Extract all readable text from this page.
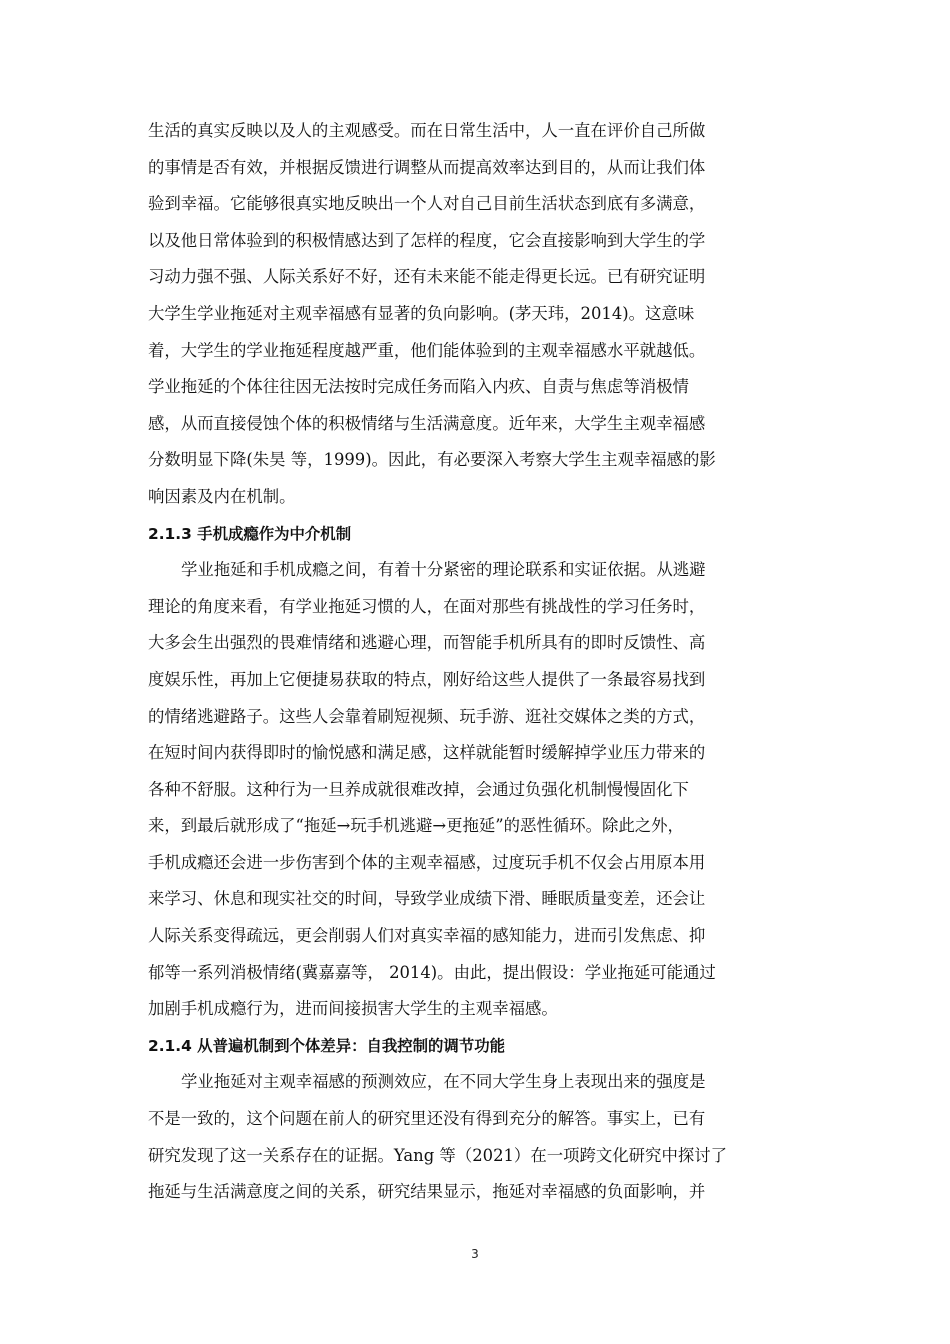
生活的真实反映以及人的主观感受。而在日常生活中，人一直在评价自己所做
的事情是否有效，并根据反馈进行调整从而提高效率达到目的，从而让我们体
验到幸福。它能够很真实地反映出一个人对自己目前生活状态到底有多满意，
以及他日常体验到的积极情感达到了怎样的程度，它会直接影响到大学生的学
习动力强不强、人际关系好不好，还有未来能不能走得更长远。已有研究证明
大学生学业拖延对主观幸福感有显著的负向影响。(茅天玮，2014)。这意味
着，大学生的学业拖延程度越严重，他们能体验到的主观幸福感水平就越低。
学业拖延的个体往往因无法按时完成任务而陷入内疚、自责与焦虑等消极情
感，从而直接侵蚀个体的积极情绪与生活满意度。近年来，大学生主观幸福感
分数明显下降(朱昊 等，1999)。因此，有必要深入考察大学生主观幸福感的影
响因素及内在机制。
2.1.3 手机成瘾作为中介机制
学业拖延和手机成瘾之间，有着十分紧密的理论联系和实证依据。从逃避
理论的角度来看，有学业拖延习惯的人，在面对那些有挑战性的学习任务时，
大多会生出强烈的畏难情绪和逃避心理，而智能手机所具有的即时反馈性、高
度娱乐性，再加上它便捷易获取的特点，刚好给这些人提供了一条最容易找到
的情绪逃避路子。这些人会靠着刷短视频、玩手游、逛社交媒体之类的方式，
在短时间内获得即时的愉悦感和满足感，这样就能暂时缓解掉学业压力带来的
各种不舒服。这种行为一旦养成就很难改掉，会通过负强化机制慢慢固化下
来，到最后就形成了“拖延→玩手机逃避→更拖延”的恶性循环。除此之外，
手机成瘾还会进一步伤害到个体的主观幸福感，过度玩手机不仅会占用原本用
来学习、休息和现实社交的时间，导致学业成绩下滑、睡眠质量变差，还会让
人际关系变得疏远，更会削弱人们对真实幸福的感知能力，进而引发焦虑、抑
郁等一系列消极情绪(冀嘉嘉等， 2014)。由此，提出假设：学业拖延可能通过
加剧手机成瘾行为，进而间接损害大学生的主观幸福感。
2.1.4 从普遍机制到个体差异：自我控制的调节功能
学业拖延对主观幸福感的预测效应，在不同大学生身上表现出来的强度是
不是一致的，这个问题在前人的研究里还没有得到充分的解答。事实上，已有
研究发现了这一关系存在的证据。Yang 等（2021）在一项跨文化研究中探讨了
拖延与生活满意度之间的关系，研究结果显示，拖延对幸福感的负面影响，并
3
